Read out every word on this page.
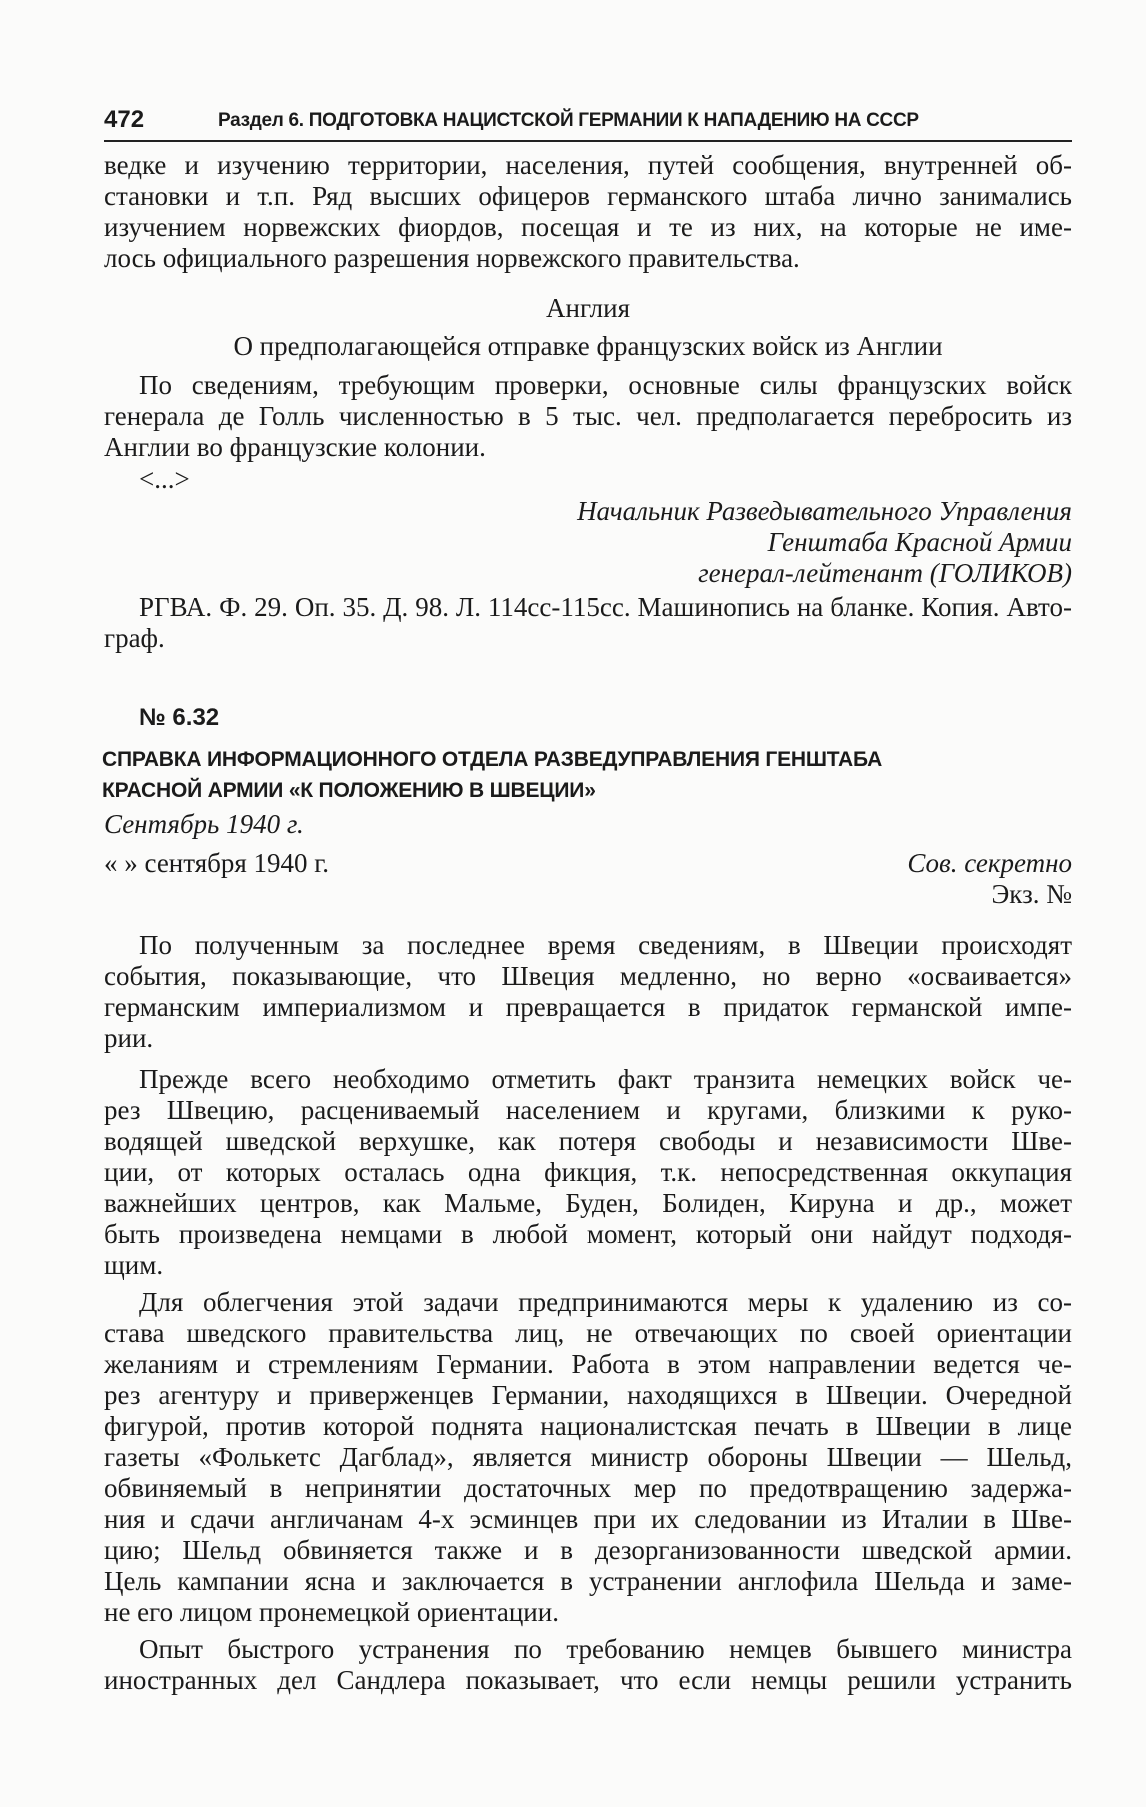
472	Раздел 6. ПОДГОТОВКА НАЦИСТСКОЙ ГЕРМАНИИ К НАПАДЕНИЮ НА СССР
ведке и изучению территории, населения, путей сообщения, внутренней об-
становки и т.п. Ряд высших офицеров германского штаба лично занимались
изучением норвежских фиордов, посещая и те из них, на которые не име-
лось официального разрешения норвежского правительства.
Англия
О предполагающейся отправке французских войск из Англии
По сведениям, требующим проверки, основные силы французских войск
генерала де Голль численностью в 5 тыс. чел. предполагается перебросить из
Англии во французские колонии.
<...>
Начальник Разведывательного Управления
Генштаба Красной Армии
генерал-лейтенант (ГОЛИКОВ)
РГВА. Ф. 29. Оп. 35. Д. 98. Л. 114сс-115сс. Машинопись на бланке. Копия. Авто-
граф.
№ 6.32
СПРАВКА ИНФОРМАЦИОННОГО ОТДЕЛА РАЗВЕДУПРАВЛЕНИЯ ГЕНШТАБА
КРАСНОЙ АРМИИ «К ПОЛОЖЕНИЮ В ШВЕЦИИ»
Сентябрь 1940 г.
« » сентября 1940 г.	Сов. секретно
Экз. №
По полученным за последнее время сведениям, в Швеции происходят
события, показывающие, что Швеция медленно, но верно «осваивается»
германским империализмом и превращается в придаток германской импе-
рии.
Прежде всего необходимо отметить факт транзита немецких войск че-
рез Швецию, расцениваемый населением и кругами, близкими к руко-
водящей шведской верхушке, как потеря свободы и независимости Шве-
ции, от которых осталась одна фикция, т.к. непосредственная оккупация
важнейших центров, как Мальме, Буден, Болиден, Кируна и др., может
быть произведена немцами в любой момент, который они найдут подходя-
щим.
Для облегчения этой задачи предпринимаются меры к удалению из со-
става шведского правительства лиц, не отвечающих по своей ориентации
желаниям и стремлениям Германии. Работа в этом направлении ведется че-
рез агентуру и приверженцев Германии, находящихся в Швеции. Очередной
фигурой, против которой поднята националистская печать в Швеции в лице
газеты «Фолькетс Дагблад», является министр обороны Швеции — Шельд,
обвиняемый в непринятии достаточных мер по предотвращению задержа-
ния и сдачи англичанам 4-х эсминцев при их следовании из Италии в Шве-
цию; Шельд обвиняется также и в дезорганизованности шведской армии.
Цель кампании ясна и заключается в устранении англофила Шельда и заме-
не его лицом пронемецкой ориентации.
Опыт быстрого устранения по требованию немцев бывшего министра
иностранных дел Сандлера показывает, что если немцы решили устранить
